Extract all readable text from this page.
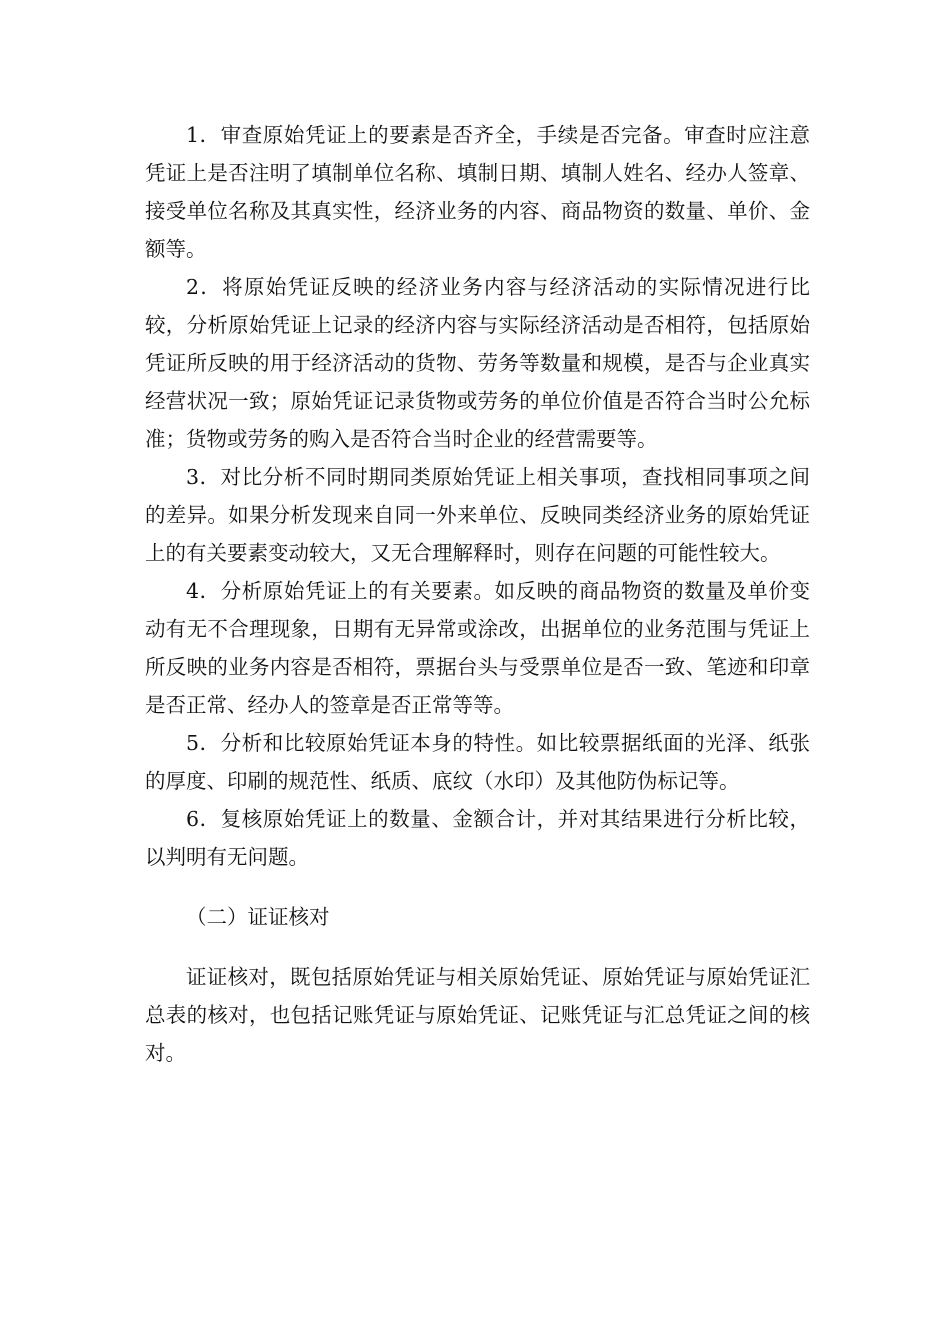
1．审查原始凭证上的要素是否齐全，手续是否完备。审查时应注意凭证上是否注明了填制单位名称、填制日期、填制人姓名、经办人签章、接受单位名称及其真实性，经济业务的内容、商品物资的数量、单价、金额等。

2．将原始凭证反映的经济业务内容与经济活动的实际情况进行比较，分析原始凭证上记录的经济内容与实际经济活动是否相符，包括原始凭证所反映的用于经济活动的货物、劳务等数量和规模，是否与企业真实经营状况一致；原始凭证记录货物或劳务的单位价值是否符合当时公允标准；货物或劳务的购入是否符合当时企业的经营需要等。

3．对比分析不同时期同类原始凭证上相关事项，查找相同事项之间的差异。如果分析发现来自同一外来单位、反映同类经济业务的原始凭证上的有关要素变动较大，又无合理解释时，则存在问题的可能性较大。

4．分析原始凭证上的有关要素。如反映的商品物资的数量及单价变动有无不合理现象，日期有无异常或涂改，出据单位的业务范围与凭证上所反映的业务内容是否相符，票据台头与受票单位是否一致、笔迹和印章是否正常、经办人的签章是否正常等等。

5．分析和比较原始凭证本身的特性。如比较票据纸面的光泽、纸张的厚度、印刷的规范性、纸质、底纹（水印）及其他防伪标记等。

6．复核原始凭证上的数量、金额合计，并对其结果进行分析比较，以判明有无问题。

（二）证证核对

证证核对，既包括原始凭证与相关原始凭证、原始凭证与原始凭证汇总表的核对，也包括记账凭证与原始凭证、记账凭证与汇总凭证之间的核对。
